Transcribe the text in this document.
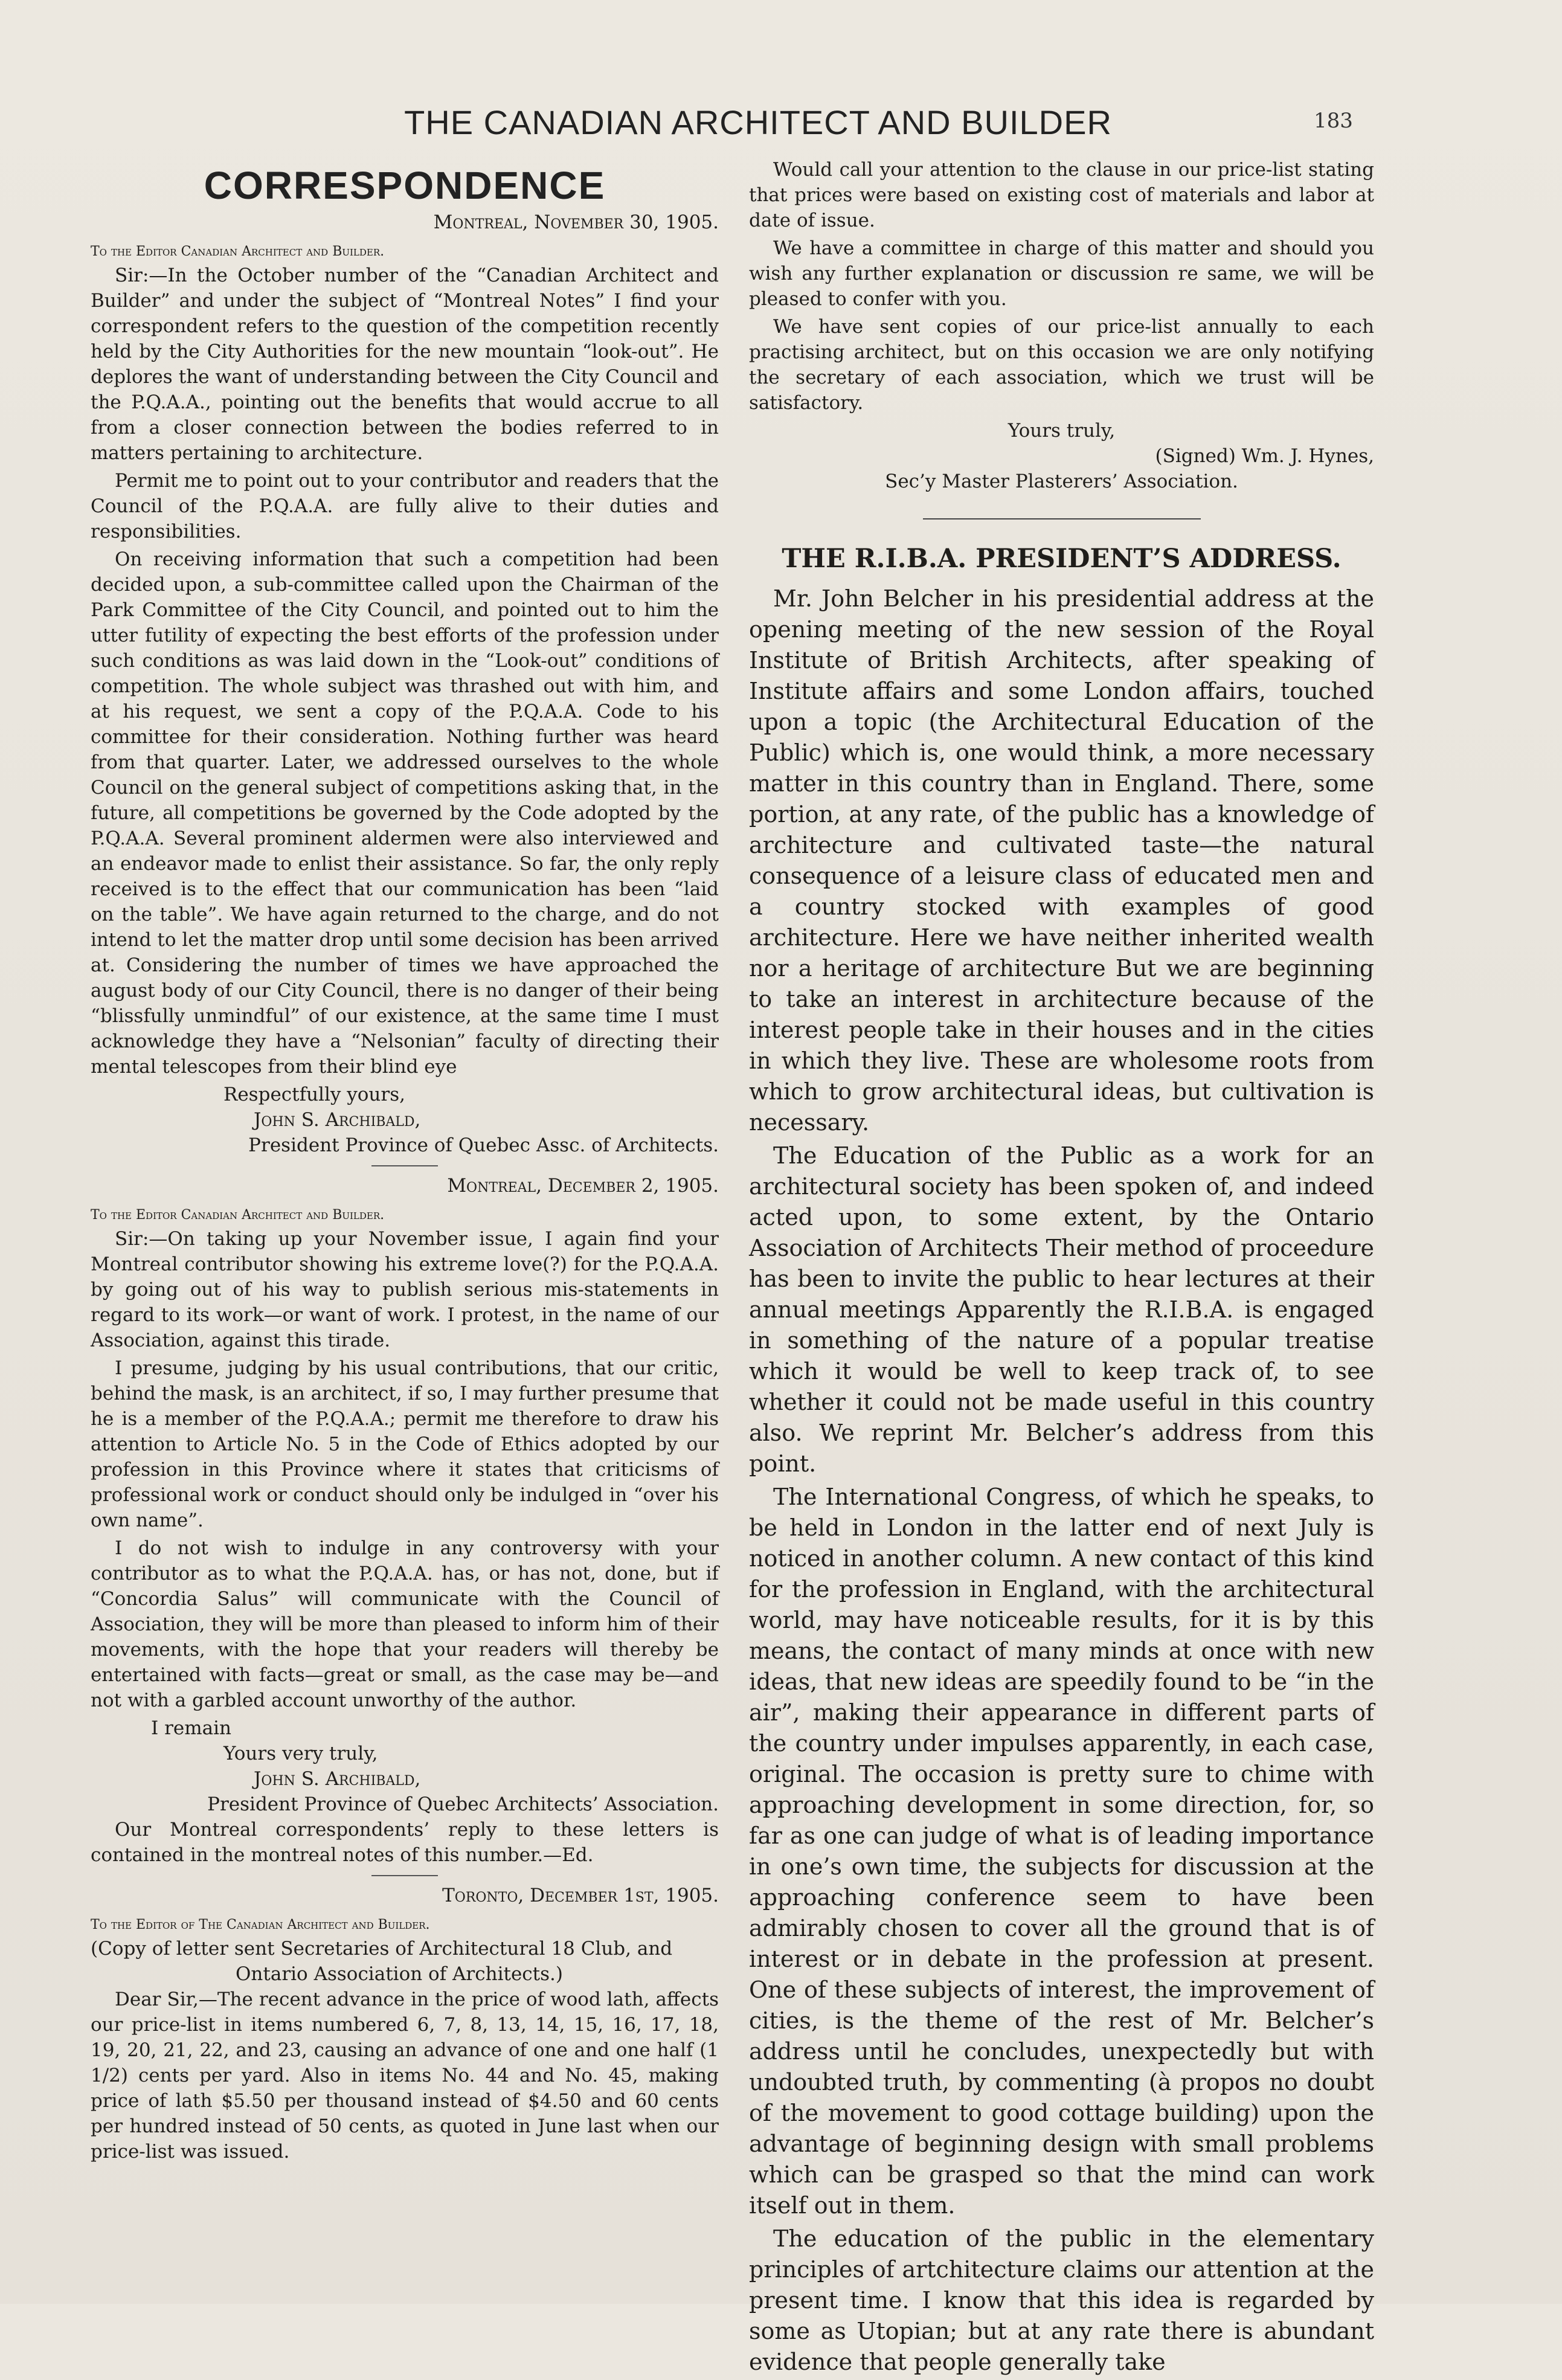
THE CANADIAN ARCHITECT AND BUILDER	183
CORRESPONDENCE
Montreal, November 30, 1905.
To the Editor Canadian Architect and Builder.

Sir:—In the October number of the “Canadian Architect and Builder” and under the subject of “Montreal Notes” I find your correspondent refers to the question of the competition recently held by the City Authorities for the new mountain “look-out”. He deplores the want of understanding between the City Council and the P.Q.A.A., pointing out the benefits that would accrue to all from a closer connection between the bodies referred to in matters pertaining to architecture.

Permit me to point out to your contributor and readers that the Council of the P.Q.A.A. are fully alive to their duties and responsibilities.

On receiving information that such a competition had been decided upon, a sub-committee called upon the Chairman of the Park Committee of the City Council, and pointed out to him the utter futility of expecting the best efforts of the profession under such conditions as was laid down in the “Look-out” conditions of competition. The whole subject was thrashed out with him, and at his request, we sent a copy of the P.Q.A.A. Code to his committee for their consideration. Nothing further was heard from that quarter. Later, we addressed ourselves to the whole Council on the general subject of competitions asking that, in the future, all competitions be governed by the Code adopted by the P.Q.A.A. Several prominent aldermen were also interviewed and an endeavor made to enlist their assistance. So far, the only reply received is to the effect that our communication has been “laid on the table”. We have again returned to the charge, and do not intend to let the matter drop until some decision has been arrived at. Considering the number of times we have approached the august body of our City Council, there is no danger of their being “blissfully unmindful” of our existence, at the same time I must acknowledge they have a “Nelsonian” faculty of directing their mental telescopes from their blind eye

Respectfully yours,
John S. Archibald,
President Province of Quebec Assc. of Architects.
Montreal, December 2, 1905.
To the Editor Canadian Architect and Builder.

Sir:—On taking up your November issue, I again find your Montreal contributor showing his extreme love(?) for the P.Q.A.A. by going out of his way to publish serious mis-statements in regard to its work—or want of work. I protest, in the name of our Association, against this tirade.

I presume, judging by his usual contributions, that our critic, behind the mask, is an architect, if so, I may further presume that he is a member of the P.Q.A.A.; permit me therefore to draw his attention to Article No. 5 in the Code of Ethics adopted by our profession in this Province where it states that criticisms of professional work or conduct should only be indulged in “over his own name”.

I do not wish to indulge in any controversy with your contributor as to what the P.Q.A.A. has, or has not, done, but if “Concordia Salus” will communicate with the Council of Association, they will be more than pleased to inform him of their movements, with the hope that your readers will thereby be entertained with facts—great or small, as the case may be—and not with a garbled account unworthy of the author.

I remain
Yours very truly,
John S. Archibald,
President Province of Quebec Architects’ Association.

Our Montreal correspondents’ reply to these letters is contained in the montreal notes of this number.—Ed.

Toronto, December 1st, 1905.
To the Editor of The Canadian Architect and Builder.
(Copy of letter sent Secretaries of Architectural 18 Club, and
Ontario Association of Architects.)

Dear Sir,—The recent advance in the price of wood lath, affects our price-list in items numbered 6, 7, 8, 13, 14, 15, 16, 17, 18, 19, 20, 21, 22, and 23, causing an advance of one and one half (1 1/2) cents per yard. Also in items No. 44 and No. 45, making price of lath $5.50 per thousand instead of $4.50 and 60 cents per hundred instead of 50 cents, as quoted in June last when our price-list was issued.

Would call your attention to the clause in our price-list stating that prices were based on existing cost of materials and labor at date of issue.

We have a committee in charge of this matter and should you wish any further explanation or discussion re same, we will be pleased to confer with you.

We have sent copies of our price-list annually to each practising architect, but on this occasion we are only notifying the secretary of each association, which we trust will be satisfactory.

Yours truly,
(Signed) Wm. J. Hynes,
Sec’y Master Plasterers’ Association.
THE R.I.B.A. PRESIDENT’S ADDRESS.

Mr. John Belcher in his presidential address at the opening meeting of the new session of the Royal Institute of British Architects, after speaking of Institute affairs and some London affairs, touched upon a topic (the Architectural Education of the Public) which is, one would think, a more necessary matter in this country than in England. There, some portion, at any rate, of the public has a knowledge of architecture and cultivated taste—the natural consequence of a leisure class of educated men and a country stocked with examples of good architecture. Here we have neither inherited wealth nor a heritage of architecture But we are beginning to take an interest in architecture because of the interest people take in their houses and in the cities in which they live. These are wholesome roots from which to grow architectural ideas, but cultivation is necessary.

The Education of the Public as a work for an architectural society has been spoken of, and indeed acted upon, to some extent, by the Ontario Association of Architects Their method of proceedure has been to invite the public to hear lectures at their annual meetings Apparently the R.I.B.A. is engaged in something of the nature of a popular treatise which it would be well to keep track of, to see whether it could not be made useful in this country also. We reprint Mr. Belcher’s address from this point.

The International Congress, of which he speaks, to be held in London in the latter end of next July is noticed in another column. A new contact of this kind for the profession in England, with the architectural world, may have noticeable results, for it is by this means, the contact of many minds at once with new ideas, that new ideas are speedily found to be “in the air”, making their appearance in different parts of the country under impulses apparently, in each case, original. The occasion is pretty sure to chime with approaching development in some direction, for, so far as one can judge of what is of leading importance in one’s own time, the subjects for discussion at the approaching conference seem to have been admirably chosen to cover all the ground that is of interest or in debate in the profession at present. One of these subjects of interest, the improvement of cities, is the theme of the rest of Mr. Belcher’s address until he concludes, unexpectedly but with undoubted truth, by commenting (à propos no doubt of the movement to good cottage building) upon the advantage of beginning design with small problems which can be grasped so that the mind can work itself out in them.

The education of the public in the elementary principles of artchitecture claims our attention at the present time. I know that this idea is regarded by some as Utopian; but at any rate there is abundant evidence that people generally take
